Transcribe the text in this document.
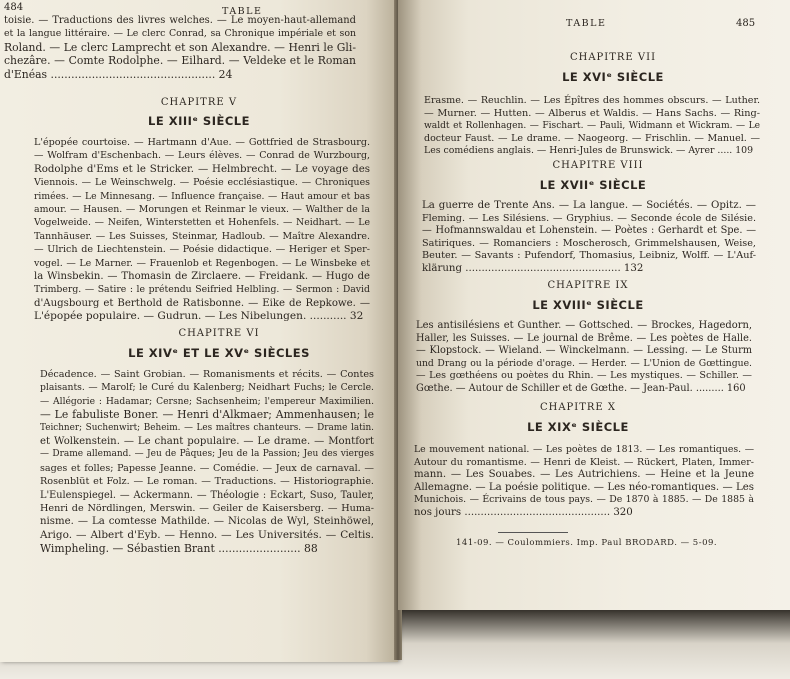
484	TABLE
toisie. — Traductions des livres welches. — Le moyen-haut-allemand
et la langue littéraire. — Le clerc Conrad, sa Chronique impériale et son
Roland. — Le clerc Lamprecht et son Alexandre. — Henri le Gli-
chezâre. — Comte Rodolphe. — Eilhard. — Veldeke et le Roman
d'Enéas ................................................ 24
CHAPITRE V
LE XIIIᵉ SIÈCLE
L'épopée courtoise. — Hartmann d'Aue. — Gottfried de Strasbourg.
— Wolfram d'Eschenbach. — Leurs élèves. — Conrad de Wurzbourg,
Rodolphe d'Ems et le Stricker. — Helmbrecht. — Le voyage des
Viennois. — Le Weinschwelg. — Poésie ecclésiastique. — Chroniques
rimées. — Le Minnesang. — Influence française. — Haut amour et bas
amour. — Hausen. — Morungen et Reinmar le vieux. — Walther de la
Vogelweide. — Neifen, Winterstetten et Hohenfels. — Neidhart. — Le
Tannhäuser. — Les Suisses, Steinmar, Hadloub. — Maître Alexandre.
— Ulrich de Liechtenstein. — Poésie didactique. — Heriger et Sper-
vogel. — Le Marner. — Frauenlob et Regenbogen. — Le Winsbeke et
la Winsbekin. — Thomasin de Zirclaere. — Freidank. — Hugo de
Trimberg. — Satire : le prétendu Seifried Helbling. — Sermon : David
d'Augsbourg et Berthold de Ratisbonne. — Eike de Repkowe. —
L'épopée populaire. — Gudrun. — Les Nibelungen. ........... 32
CHAPITRE VI
LE XIVᵉ ET LE XVᵉ SIÈCLES
Décadence. — Saint Grobian. — Romanisments et récits. — Contes
plaisants. — Marolf; le Curé du Kalenberg; Neidhart Fuchs; le Cercle.
— Allégorie : Hadamar; Cersne; Sachsenheim; l'empereur Maximilien.
— Le fabuliste Boner. — Henri d'Alkmaer; Ammenhausen; le
Teichner; Suchenwirt; Beheim. — Les maîtres chanteurs. — Drame latin.
et Wolkenstein. — Le chant populaire. — Le drame. — Montfort
— Drame allemand. — Jeu de Pâques; Jeu de la Passion; Jeu des vierges
sages et folles; Papesse Jeanne. — Comédie. — Jeux de carnaval. —
Rosenblüt et Folz. — Le roman. — Traductions. — Historiographie.
L'Eulenspiegel. — Ackermann. — Théologie : Eckart, Suso, Tauler,
Henri de Nördlingen, Merswin. — Geiler de Kaisersberg. — Huma-
nisme. — La comtesse Mathilde. — Nicolas de Wyl, Steinhöwel,
Arigo. — Albert d'Eyb. — Henno. — Les Universités. — Celtis.
Wimpheling. — Sébastien Brant ........................ 88
TABLE	485
CHAPITRE VII
LE XVIᵉ SIÈCLE
Erasme. — Reuchlin. — Les Épîtres des hommes obscurs. — Luther.
— Murner. — Hutten. — Alberus et Waldis. — Hans Sachs. — Ring-
waldt et Rollenhagen. — Fischart. — Pauli, Widmann et Wickram. — Le
docteur Faust. — Le drame. — Naogeorg. — Frischlin. — Manuel. —
Les comédiens anglais. — Henri-Jules de Brunswick. — Ayrer ..... 109
CHAPITRE VIII
LE XVIIᵉ SIÈCLE
La guerre de Trente Ans. — La langue. — Sociétés. — Opitz. —
Fleming. — Les Silésiens. — Gryphius. — Seconde école de Silésie.
— Hofmannswaldau et Lohenstein. — Poètes : Gerhardt et Spe. —
Satiriques. — Romanciers : Moscherosch, Grimmelshausen, Weise,
Beuter. — Savants : Pufendorf, Thomasius, Leibniz, Wolff. — L'Auf-
klärung ................................................ 132
CHAPITRE IX
LE XVIIIᵉ SIÈCLE
Les antisilésiens et Gunther. — Gottsched. — Brockes, Hagedorn,
Haller, les Suisses. — Le journal de Brême. — Les poètes de Halle.
— Klopstock. — Wieland. — Winckelmann. — Lessing. — Le Sturm
und Drang ou la période d'orage. — Herder. — L'Union de Gœttingue.
— Les gœthéens ou poètes du Rhin. — Les mystiques. — Schiller. —
Gœthe. — Autour de Schiller et de Gœthe. — Jean-Paul. ......... 160
CHAPITRE X
LE XIXᵉ SIÈCLE
Le mouvement national. — Les poètes de 1813. — Les romantiques. —
Autour du romantisme. — Henri de Kleist. — Rückert, Platen, Immer-
mann. — Les Souabes. — Les Autrichiens. — Heine et la Jeune
Allemagne. — La poésie politique. — Les néo-romantiques. — Les
Munichois. — Écrivains de tous pays. — De 1870 à 1885. — De 1885 à
nos jours ............................................. 320
141-09. — Coulommiers. Imp. Paul BRODARD. — 5-09.
